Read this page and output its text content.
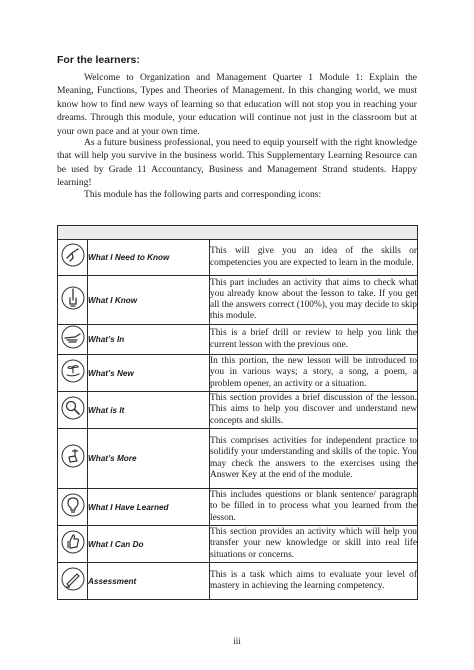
For the learners:

Welcome to Organization and Management Quarter 1 Module 1: Explain the Meaning, Functions, Types and Theories of Management. In this changing world, we must know how to find new ways of learning so that education will not stop you in reaching your dreams. Through this module, your education will continue not just in the classroom but at your own pace and at your own time.

As a future business professional, you need to equip yourself with the right knowledge that will help you survive in the business world. This Supplementary Learning Resource can be used by Grade 11 Accountancy, Business and Management Strand students. Happy learning!

This module has the following parts and corresponding icons:

	What I Need to Know	This will give you an idea of the skills or competencies you are expected to learn in the module.
	What I Know	This part includes an activity that aims to check what you already know about the lesson to take. If you get all the answers correct (100%), you may decide to skip this module.
	What’s In	This is a brief drill or review to help you link the current lesson with the previous one.
	What’s New	In this portion, the new lesson will be introduced to you in various ways; a story, a song, a poem, a problem opener, an activity or a situation.
	What is It	This section provides a brief discussion of the lesson. This aims to help you discover and understand new concepts and skills.
	What’s More	This comprises activities for independent practice to solidify your understanding and skills of the topic. You may check the answers to the exercises using the Answer Key at the end of the module.
	What I Have Learned	This includes questions or blank sentence/ paragraph to be filled in to process what you learned from the lesson.
	What I Can Do	This section provides an activity which will help you transfer your new knowledge or skill into real life situations or concerns.
	Assessment	This is a task which aims to evaluate your level of mastery in achieving the learning competency.
iii
